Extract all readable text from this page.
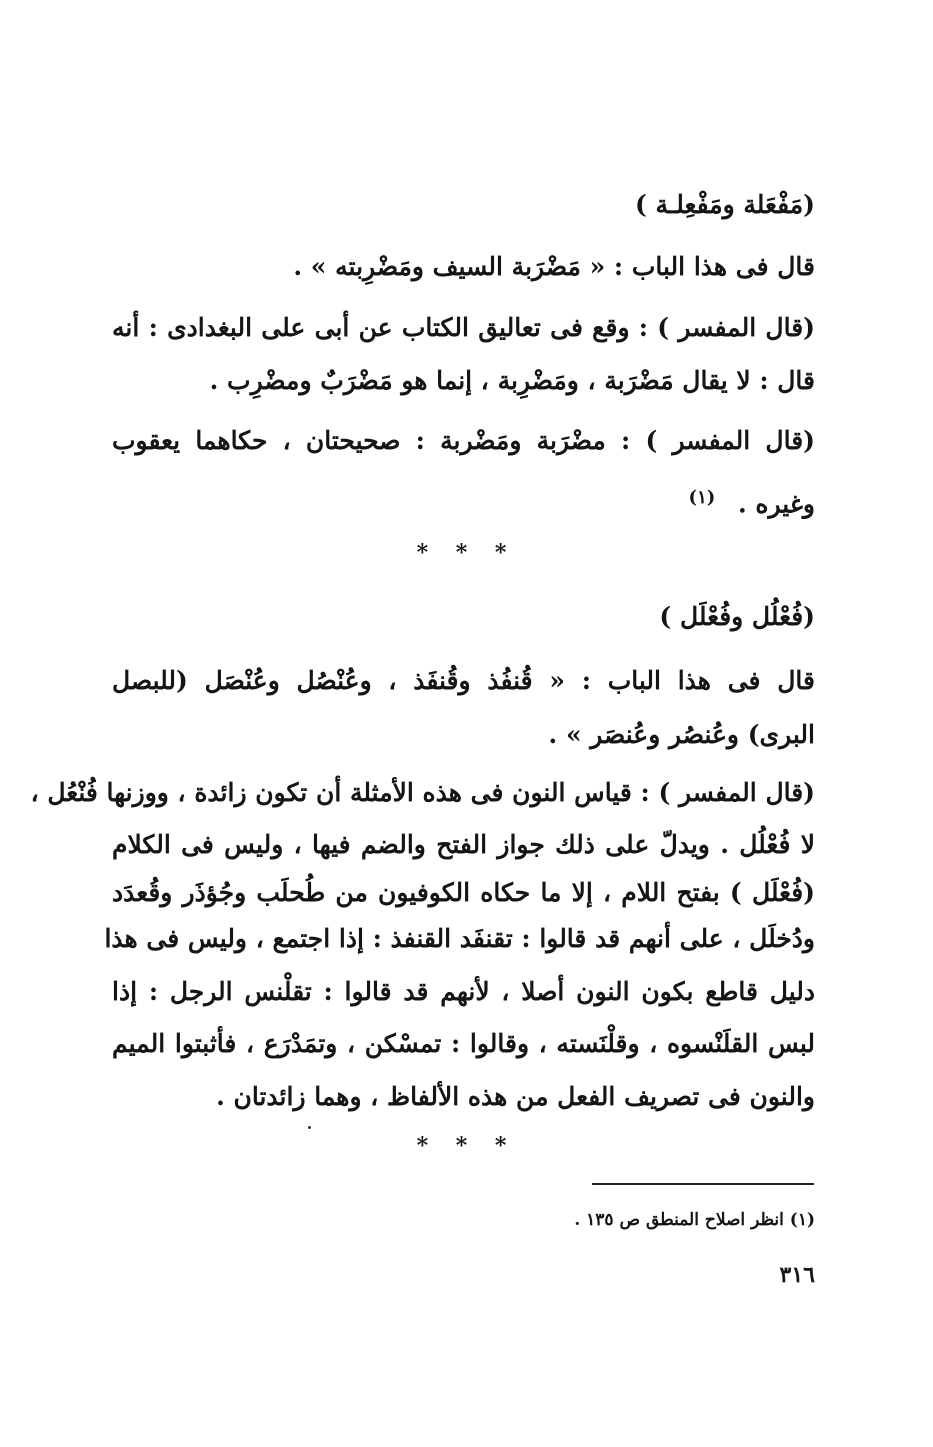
(مَفْعَلة ومَفْعِلـة )
قال فى هذا الباب : « مَضْرَبة السيف ومَضْرِبته » .
(قال المفسر ) : وقع فى تعاليق الكتاب عن أبى على البغدادى : أنه
قال : لا يقال مَضْرَبة ، ومَضْرِبة ، إنما هو مَضْرَبٌ ومضْرِب .
(قال المفسر ) : مضْرَبة ومَضْربة : صحيحتان ، حكاهما يعقوب
وغيره . $^{(١)}$
* * *
(فُعْلُل وفُعْلَل )
قال فى هذا الباب : « قُنفُذ وقُنفَذ ، وعُنْصُل وعُنْصَل (للبصل
البرى) وعُنصُر وعُنصَر » .
(قال المفسر ) : قياس النون فى هذه الأمثلة أن تكون زائدة ، ووزنها فُنْعُل ،
لا فُعْلُل . ويدلّ على ذلك جواز الفتح والضم فيها ، وليس فى الكلام
(فُعْلَل ) بفتح اللام ، إلا ما حكاه الكوفيون من طُحلَب وجُؤذَر وقُعدَد
ودُخلَل ، على أنهم قد قالوا : تقنفَد القنفذ : إذا اجتمع ، وليس فى هذا
دليل قاطع بكون النون أصلا ، لأنهم قد قالوا : تقلْنس الرجل : إذا
لبس القلَنْسوه ، وقلْنَسته ، وقالوا : تمسْكن ، وتمَدْرَع ، فأثبتوا الميم
والنون فى تصريف الفعل من هذه الألفاظ ، وهما زائدتان .
* * *
(١) انظر اصلاح المنطق ص ١٣٥ .
٣١٦
